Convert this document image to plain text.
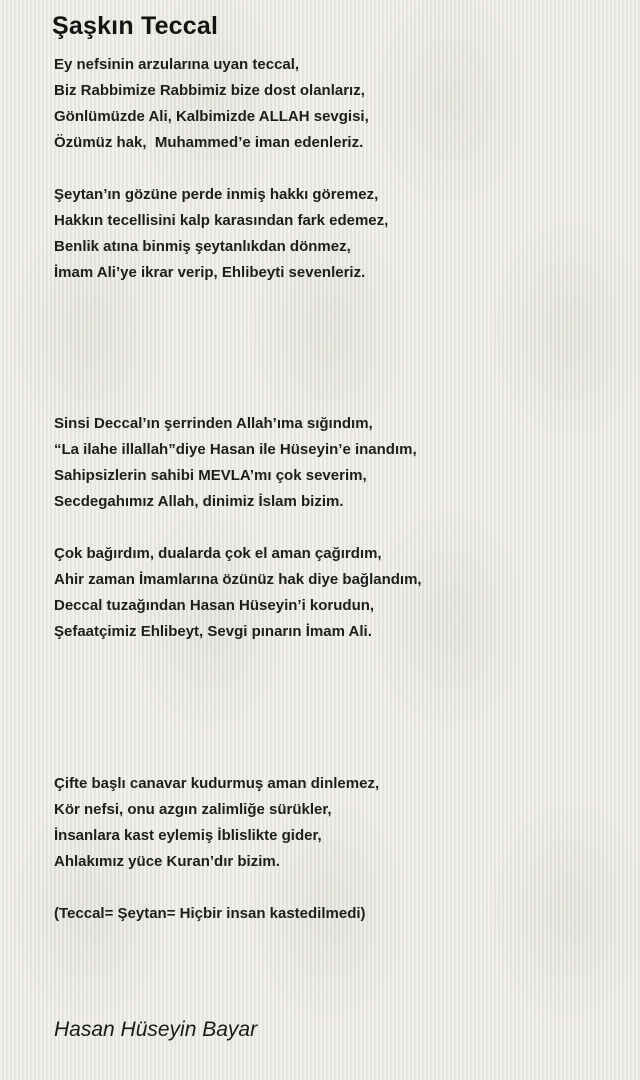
Şaşkın Teccal
Ey nefsinin arzularına uyan teccal,
Biz Rabbimize Rabbimiz bize dost olanlarız,
Gönlümüzde Ali, Kalbimizde ALLAH sevgisi,
Özümüz hak,  Muhammed’e iman edenleriz.
Şeytan’ın gözüne perde inmiş hakkı göremez,
Hakkın tecellisini kalp karasından fark edemez,
Benlik atına binmiş şeytanlıkdan dönmez,
İmam Ali’ye ikrar verip, Ehlibeyti sevenleriz.
Sinsi Deccal’ın şerrinden Allah’ıma sığındım,
“La ilahe illallah”diye Hasan ile Hüseyin’e inandım,
Sahipsizlerin sahibi MEVLA’mı çok severim,
Secdegahımız Allah, dinimiz İslam bizim.
Çok bağırdım, dualarda çok el aman çağırdım,
Ahir zaman İmamlarına özünüz hak diye bağlandım,
Deccal tuzağından Hasan Hüseyin’i korudun,
Şefaatçimiz Ehlibeyt, Sevgi pınarın İmam Ali.
Çifte başlı canavar kudurmuş aman dinlemez,
Kör nefsi, onu azgın zalimliğe sürükler,
İnsanlara kast eylemiş İblislikte gider,
Ahlakımız yüce Kuran’dır bizim.

(Teccal= Şeytan= Hiçbir insan kastedilmedi)

Hasan Hüseyin Bayar
